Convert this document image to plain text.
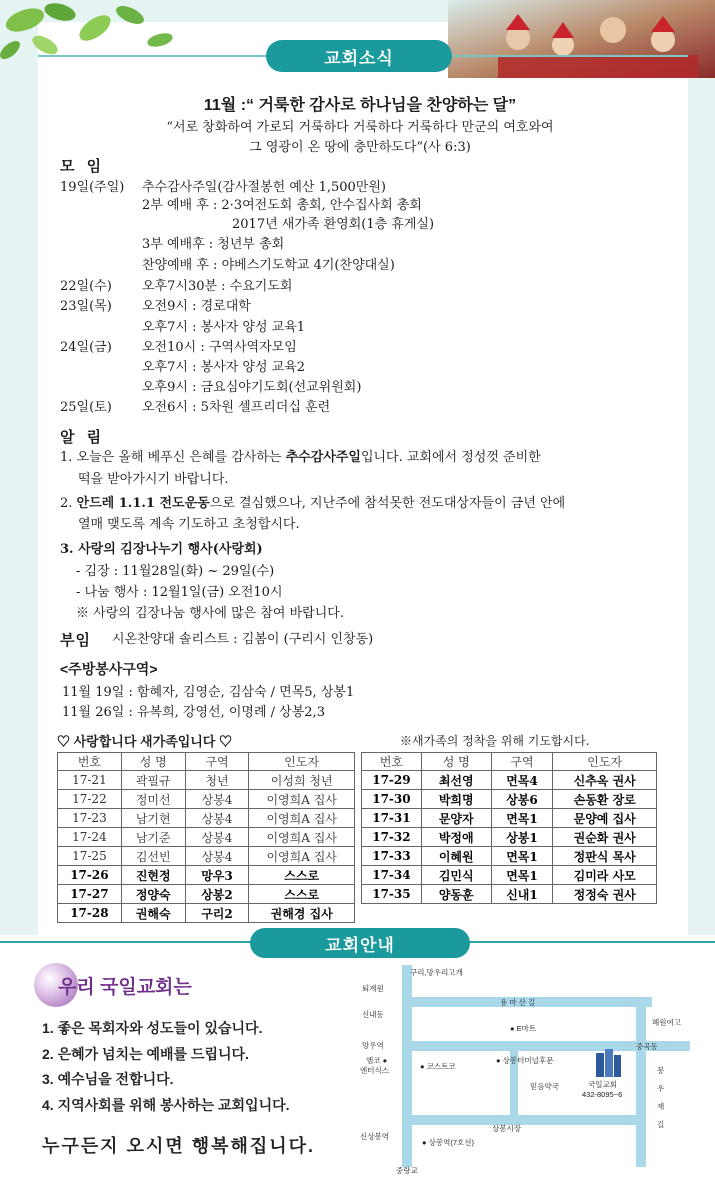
교회소식
11월 :“ 거룩한 감사로 하나님을 찬양하는 달”
“서로 창화하여 가로되 거룩하다 거룩하다 거룩하다 만군의 여호와여
그 영광이 온 땅에 충만하도다”(사 6:3)
모 임
19일(주일)	추수감사주일(감사절봉헌 예산 1,500만원)
2부 예배 후 : 2·3여전도회 총회, 안수집사회 총회
2017년 새가족 환영회(1층 휴게실)
3부 예배후 : 청년부 총회
찬양예배 후 : 야베스기도학교 4기(찬양대실)
22일(수)	오후7시30분 : 수요기도회
23일(목)	오전9시 : 경로대학
오후7시 : 봉사자 양성 교육1
24일(금)	오전10시 : 구역사역자모임
오후7시 : 봉사자 양성 교육2
오후9시 : 금요심야기도회(선교위원회)
25일(토)	오전6시 : 5차원 셀프리더십 훈련
알 림
1. 오늘은 올해 베푸신 은혜를 감사하는 추수감사주일입니다. 교회에서 정성껏 준비한
떡을 받아가시기 바랍니다.
2. 안드레 1.1.1 전도운동으로 결심했으나, 지난주에 참석못한 전도대상자들이 금년 안에
열매 맺도록 계속 기도하고 초청합시다.
3. 사랑의 김장나누기 행사(사랑회)
- 김장 : 11월28일(화) ~ 29일(수)
- 나눔 행사 : 12월1일(금) 오전10시
※ 사랑의 김장나눔 행사에 많은 참여 바랍니다.
부임 시온찬양대 솔리스트 : 김봄이 (구리시 인창동)
<주방봉사구역>
11월 19일 : 함혜자, 김영순, 김삼숙 / 면목5, 상봉1
11월 26일 : 유복희, 강영선, 이명례 / 상봉2,3
♡ 사랑합니다 새가족입니다 ♡	※새가족의 정착을 위해 기도합시다.
번호	성 명	구역	인도자
17-21	곽필규	청년	이성희 청년
17-22	정미선	상봉4	이영희A 집사
17-23	남기현	상봉4	이영희A 집사
17-24	남기준	상봉4	이영희A 집사
17-25	김선빈	상봉4	이영희A 집사
17-26	진현정	망우3	스스로
17-27	정양숙	상봉2	스스로
17-28	권해숙	구리2	권해경 집사
번호	성 명	구역	인도자
17-29	최선영	면목4	신추옥 권사
17-30	박희명	상봉6	손동환 장로
17-31	문양자	면목1	문양예 집사
17-32	박정애	상봉1	권순화 권사
17-33	이혜원	면목1	정판식 목사
17-34	김민식	면목1	김미라 사모
17-35	양동훈	신내1	정정숙 권사
교회안내
우리 국일교회는
1. 좋은 목회자와 성도들이 있습니다.
2. 은혜가 넘치는 예배를 드립니다.
3. 예수님을 전합니다.
4. 지역사회를 위해 봉사하는 교회입니다.
누구든지 오시면 행복해집니다.
구리,망우리고개
퇴계원
용 마 산 길
신내동
● E마트
혜원여고
망우역	중곡동
엠코 ●
엔터식스	● 코스트코
● 상봉터미널후문
국일교회
432-8095~6
믿음약국
상봉시장
신상봉역
● 상봉역(7호선)
중랑교
봉
우
재
길
